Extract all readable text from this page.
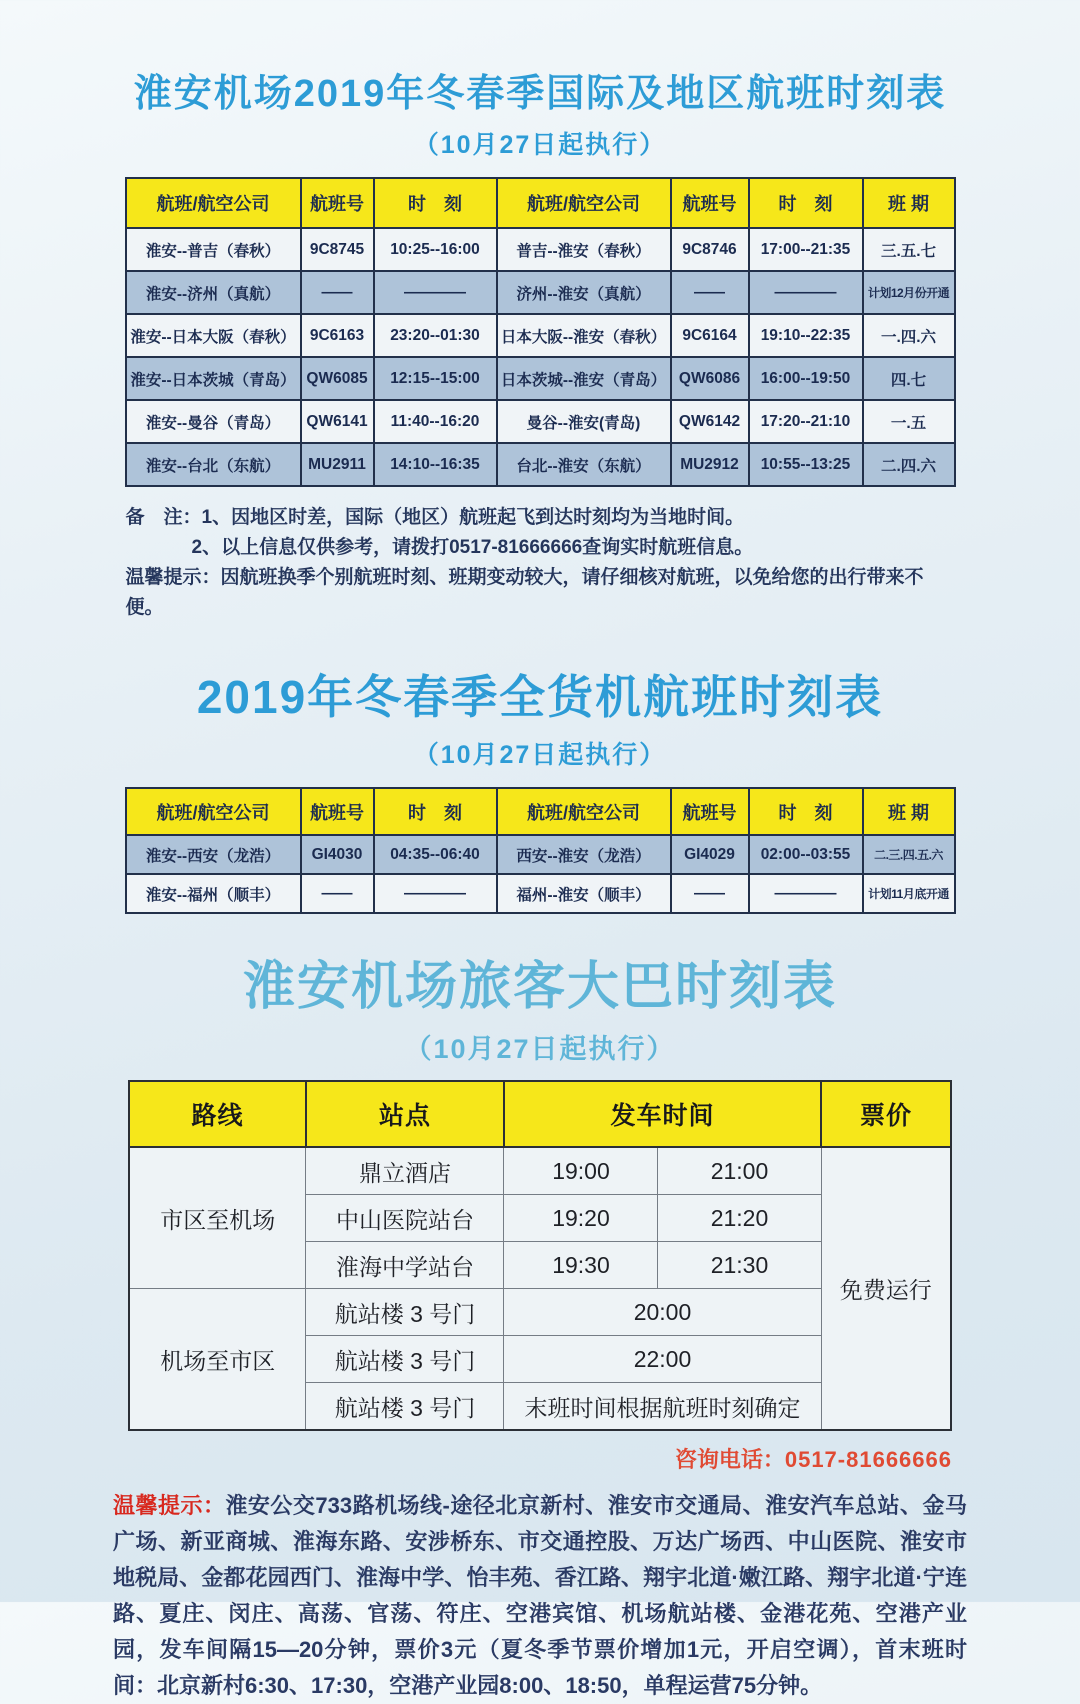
淮安机场2019年冬春季国际及地区航班时刻表
（10月27日起执行）
航班/航空公司	航班号	时　刻	航班/航空公司	航班号	时　刻	班 期
淮安--普吉（春秋）	9C8745	10:25--16:00	普吉--淮安（春秋）	9C8746	17:00--21:35	三.五.七
淮安--济州（真航）	——	————	济州--淮安（真航）	——	————	计划12月份开通
淮安--日本大阪（春秋）	9C6163	23:20--01:30	日本大阪--淮安（春秋）	9C6164	19:10--22:35	一.四.六
淮安--日本茨城（青岛）	QW6085	12:15--15:00	日本茨城--淮安（青岛）	QW6086	16:00--19:50	四.七
淮安--曼谷（青岛）	QW6141	11:40--16:20	曼谷--淮安(青岛)	QW6142	17:20--21:10	一.五
淮安--台北（东航）	MU2911	14:10--16:35	台北--淮安（东航）	MU2912	10:55--13:25	二.四.六
备　注：1、因地区时差，国际（地区）航班起飞到达时刻均为当地时间。
2、以上信息仅供参考，请拨打0517-81666666查询实时航班信息。
温馨提示：因航班换季个别航班时刻、班期变动较大，请仔细核对航班，以免给您的出行带来不便。
2019年冬春季全货机航班时刻表
（10月27日起执行）
航班/航空公司	航班号	时　刻	航班/航空公司	航班号	时　刻	班 期
淮安--西安（龙浩）	GI4030	04:35--06:40	西安--淮安（龙浩）	GI4029	02:00--03:55	二.三.四.五.六
淮安--福州（顺丰）	——	————	福州--淮安（顺丰）	——	————	计划11月底开通
淮安机场旅客大巴时刻表
（10月27日起执行）
路线	站点	发车时间		票价
市区至机场	鼎立酒店	19:00	21:00	免费运行
	中山医院站台	19:20	21:20	
	淮海中学站台	19:30	21:30	
机场至市区	航站楼 3 号门	20:00		
	航站楼 3 号门	22:00		
	航站楼 3 号门	末班时间根据航班时刻确定		
咨询电话：0517-81666666

温馨提示：淮安公交733路机场线-途径北京新村、淮安市交通局、淮安汽车总站、金马广场、新亚商城、淮海东路、安涉桥东、市交通控股、万达广场西、中山医院、淮安市地税局、金都花园西门、淮海中学、怡丰苑、香江路、翔宇北道·嫩江路、翔宇北道·宁连路、夏庄、闵庄、高荡、官荡、符庄、空港宾馆、机场航站楼、金港花苑、空港产业园，发车间隔15—20分钟，票价3元（夏冬季节票价增加1元，开启空调），首末班时间：北京新村6:30、17:30，空港产业园8:00、18:50，单程运营75分钟。
